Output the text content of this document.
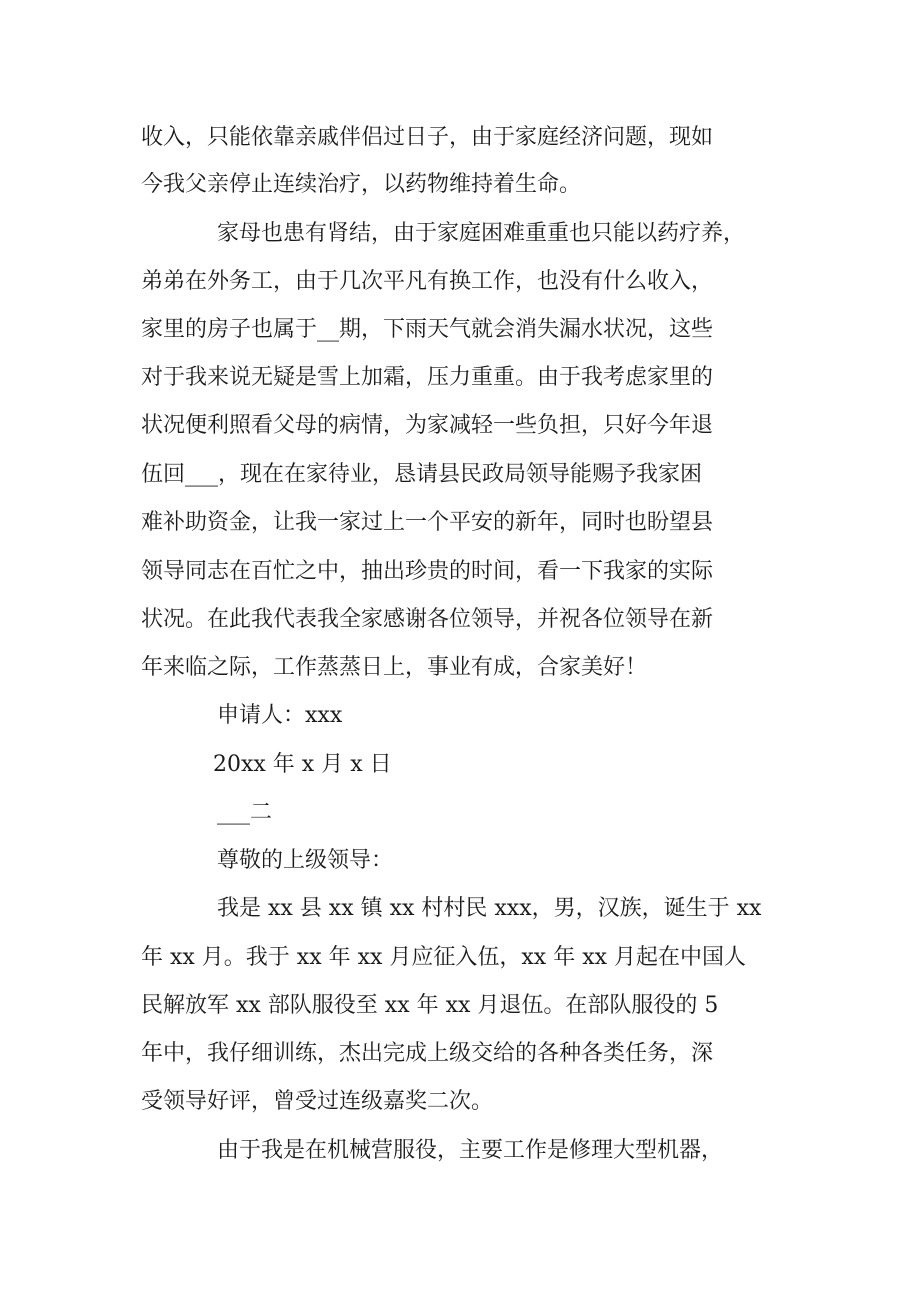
收入，只能依靠亲戚伴侣过日子，由于家庭经济问题，现如
今我父亲停止连续治疗，以药物维持着生命。
家母也患有肾结，由于家庭困难重重也只能以药疗养，
弟弟在外务工，由于几次平凡有换工作，也没有什么收入，
家里的房子也属于__期，下雨天气就会消失漏水状况，这些
对于我来说无疑是雪上加霜，压力重重。由于我考虑家里的
状况便利照看父母的病情，为家减轻一些负担，只好今年退
伍回___，现在在家待业，恳请县民政局领导能赐予我家困
难补助资金，让我一家过上一个平安的新年，同时也盼望县
领导同志在百忙之中，抽出珍贵的时间，看一下我家的实际
状况。在此我代表我全家感谢各位领导，并祝各位领导在新
年来临之际，工作蒸蒸日上，事业有成，合家美好！
申请人：xxx
20xx 年 x 月 x 日
___二
尊敬的上级领导：
我是 xx 县 xx 镇 xx 村村民 xxx，男，汉族，诞生于 xx
年 xx 月。我于 xx 年 xx 月应征入伍，xx 年 xx 月起在中国人
民解放军 xx 部队服役至 xx 年 xx 月退伍。在部队服役的 5
年中，我仔细训练，杰出完成上级交给的各种各类任务，深
受领导好评，曾受过连级嘉奖二次。
由于我是在机械营服役，主要工作是修理大型机器，
